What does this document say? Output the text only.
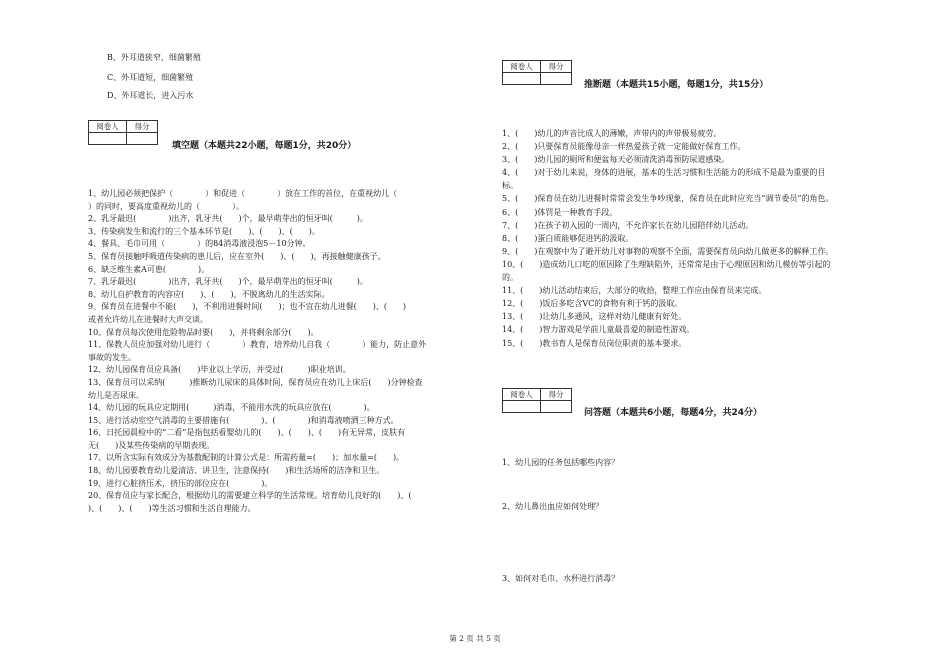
B、外耳道狭窄，细菌繁殖
C、外耳道短，细菌繁殖
D、外耳道长，进入污水
阅卷人	得分

填空题（本题共22小题，每题1分，共20分）
1、幼儿园必须把保护（　　　　）和促进（　　　　）放在工作的首位，在重视幼儿（
）的同时，要高度重视幼儿的（　　　　）。
2、乳牙最迟(　　　　)出齐，乳牙共(　　)个，最早萌芽出的恒牙叫(　　　)。
3、传染病发生和流行的三个基本环节是(　　)、(　　)、(　　)。
4、餐具、毛巾可用（　　　　）的84消毒液浸泡5－10分钟。
5、保育员接触呼吸道传染病的患儿后，应在室外(　　)、(　　)，再接触健康孩子。
6、缺乏维生素A可患(　　　　)。
7、乳牙最迟(　　　　)出齐，乳牙共(　　)个，最早萌芽出的恒牙叫(　　　)。
8、幼儿自护教育的内容应(　　)、(　　)，不脱离幼儿的生活实际。
9、保育员在进餐中不能(　　)，不利用进餐时间(　　)；也不宜在幼儿进餐(　　)、(　　)
或者允许幼儿在进餐时大声交谈。
10、保育员每次使用危险物品时要(　　)，并将剩余部分(　　)。
11、保教人员应加强对幼儿进行（　　　　）教育，培养幼儿自我（　　　　）能力，防止意外
事故的发生。
12、幼儿园保育员应具备(　　)毕业以上学历，并受过(　　　)职业培训。
13、保育员可以采纳(　　　)推断幼儿尿床的具体时间，保育员应在幼儿上床后(　　)分钟检查
幼儿是否尿床。
14、幼儿园的玩具应定期用(　　　)消毒，不能用水洗的玩具应放在(　　　　)。
15、进行活动室空气消毒的主要措施有(　　　　)、(　　　　)和消毒液喷洒三种方式。
16、日托园晨检中的“二看”是指包括看婴幼儿的(　　)、(　　)、(　　)有无异常，皮肤有
无(　　)及某些传染病的早期表现。
17、以所含实际有效成分为基数配制的计算公式是：所需药量=(　　)；加水量=(　　)。
18、幼儿园要教育幼儿爱清洁、讲卫生，注意保持(　　)和生活场所的洁净和卫生。
19、进行心脏挤压术，挤压的部位应在(　　　　)。
20、保育员应与家长配合，根据幼儿的需要建立科学的生活常规。培育幼儿良好的(　　)、(　　
)、(　　)、(　　)等生活习惯和生活自理能力。
阅卷人	得分

推断题（本题共15小题，每题1分，共15分）
1、(　　)幼儿的声音比成人的薄嫩，声带内的声带极易疲劳。
2、(　　)只要保育员能像母亲一样热爱孩子就一定能做好保育工作。
3、(　　)幼儿园的厕所和便盆每天必须清洗消毒预防尿道感染。
4、(　　)对于幼儿来说，身体的进展，基本的生活习惯和生活能力的形成不是最为重要的目
标。
5、(　　)保育员在幼儿进餐时常常会发生争吵现象，保育员在此时应充当“调节委员”的角色。
6、(　　)体罚是一种教育手段。
7、(　　)在孩子初入园的一周内，不允许家长在幼儿园陪伴幼儿活动。
8、(　　)蛋白质能够促进钙的汲取。
9、(　　)在观察中为了避开幼儿对事物的观察不全面，需要保育员向幼儿做更多的解释工作。
10、(　　)造成幼儿口吃的原因除了生理缺陷外，还常常是由于心理原因和幼儿模仿等引起的
的。
11、(　　)幼儿活动结束后，大部分的收拾，整理工作应由保育员来完成。
12、(　　)饭后多吃含VC的食物有利于钙的汲取。
13、(　　)让幼儿多通风，这样对幼儿健康有好处。
14、(　　)智力游戏是学前儿童最喜爱的制造性游戏。
15、(　　)教书育人是保育员岗位职责的基本要求。
阅卷人	得分

问答题（本题共6小题，每题4分，共24分）
1、幼儿园的任务包括哪些内容？
2、幼儿鼻出血应如何处理？
3、如何对毛巾、水杯进行消毒？
第 2 页 共 5 页
